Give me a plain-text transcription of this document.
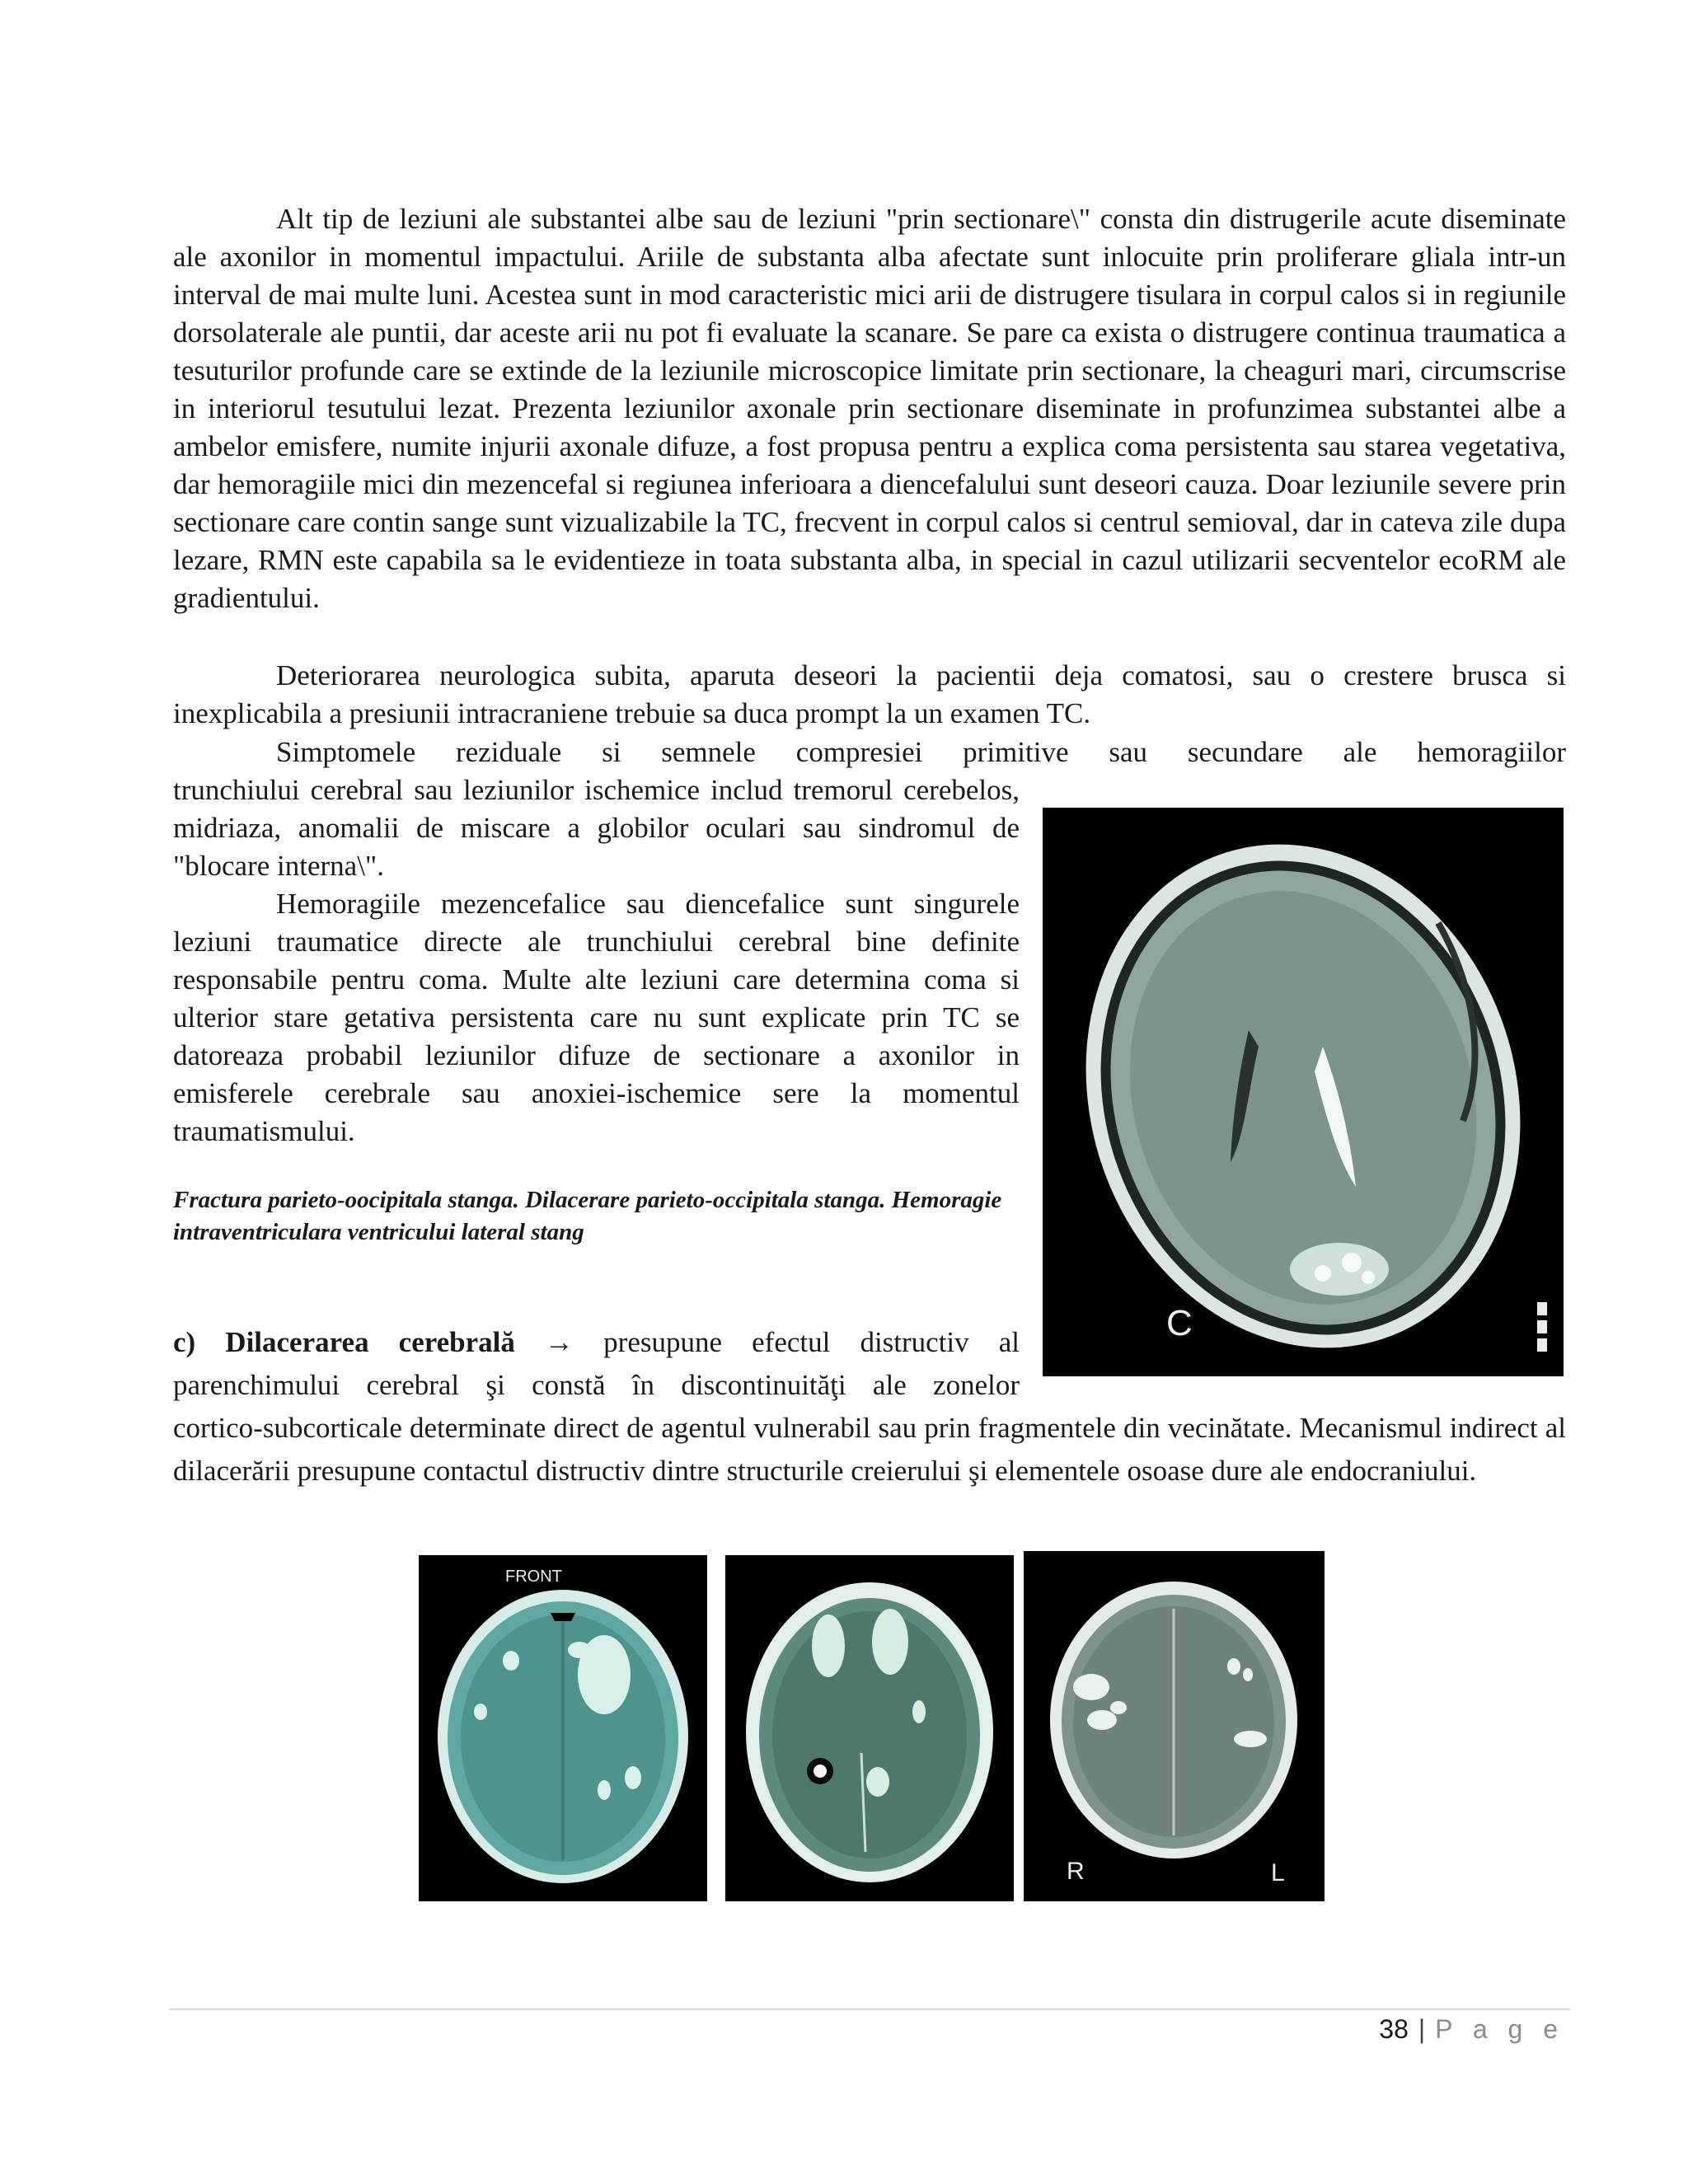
Alt tip de leziuni ale substantei albe sau de leziuni "prin sectionare\" consta din distrugerile acute diseminate ale axonilor in momentul impactului. Ariile de substanta alba afectate sunt inlocuite prin proliferare gliala intr-un interval de mai multe luni. Acestea sunt in mod caracteristic mici arii de distrugere tisulara in corpul calos si in regiunile dorsolaterale ale puntii, dar aceste arii nu pot fi evaluate la scanare. Se pare ca exista o distrugere continua traumatica a tesuturilor profunde care se extinde de la leziunile microscopice limitate prin sectionare, la cheaguri mari, circumscrise in interiorul tesutului lezat. Prezenta leziunilor axonale prin sectionare diseminate in profunzimea substantei albe a ambelor emisfere, numite injurii axonale difuze, a fost propusa pentru a explica coma persistenta sau starea vegetativa, dar hemoragiile mici din mezencefal si regiunea inferioara a diencefalului sunt deseori cauza. Doar leziunile severe prin sectionare care contin sange sunt vizualizabile la TC, frecvent in corpul calos si centrul semioval, dar in cateva zile dupa lezare, RMN este capabila sa le evidentieze in toata substanta alba, in special in cazul utilizarii secventelor ecoRM ale gradientului.

Deteriorarea neurologica subita, aparuta deseori la pacientii deja comatosi, sau o crestere brusca si inexplicabila a presiunii intracraniene trebuie sa duca prompt la un examen TC.

Simptomele reziduale si semnele compresiei primitive sau secundare ale hemoragiilor

trunchiului cerebral sau leziunilor ischemice includ tremorul cerebelos, midriaza, anomalii de miscare a globilor oculari sau sindromul de "blocare interna\".

Hemoragiile mezencefalice sau diencefalice sunt singurele leziuni traumatice directe ale trunchiului cerebral bine definite responsabile pentru coma. Multe alte leziuni care determina coma si ulterior stare getativa persistenta care nu sunt explicate prin TC se datoreaza probabil leziunilor difuze de sectionare a axonilor in emisferele cerebrale sau anoxiei-ischemice sere la momentul traumatismului.

Fractura parieto-oocipitala stanga. Dilacerare parieto-occipitala stanga. Hemoragie intraventriculara ventricului lateral stang

c) Dilacerarea cerebrală → presupune efectul distructiv al parenchimului cerebral şi constă în discontinuităţi ale zonelor

cortico-subcorticale determinate direct de agentul vulnerabil sau prin fragmentele din vecinătate. Mecanismul indirect al dilacerării presupune contactul distructiv dintre structurile creierului şi elementele osoase dure ale endocraniului.

C
FRONT
R	L
38 | P a g e
